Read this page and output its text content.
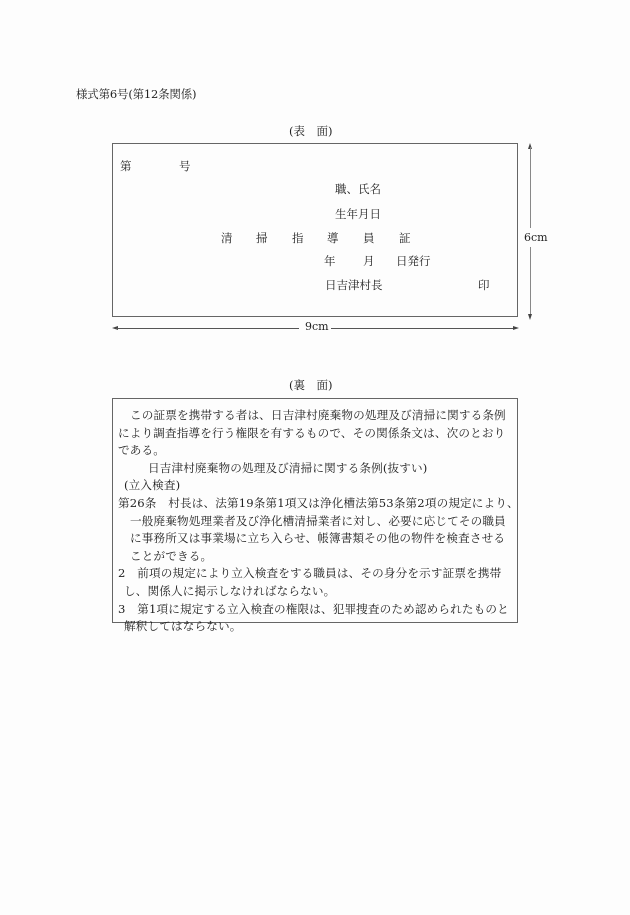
様式第6号(第12条関係)
(表　面)
第	号
職、氏名
生年月日
清 掃 指 導 員 証
年 月 日発行
日吉津村長	印
9cm
6cm
(裏　面)
この証票を携帯する者は、日吉津村廃棄物の処理及び清掃に関する条例
により調査指導を行う権限を有するもので、その関係条文は、次のとおり
である。
日吉津村廃棄物の処理及び清掃に関する条例(抜すい)
(立入検査)
第26条　村長は、法第19条第1項又は浄化槽法第53条第2項の規定により、
一般廃棄物処理業者及び浄化槽清掃業者に対し、必要に応じてその職員
に事務所又は事業場に立ち入らせ、帳簿書類その他の物件を検査させる
ことができる。
2　前項の規定により立入検査をする職員は、その身分を示す証票を携帯
し、関係人に掲示しなければならない。
3　第1項に規定する立入検査の権限は、犯罪捜査のため認められたものと
解釈してはならない。
